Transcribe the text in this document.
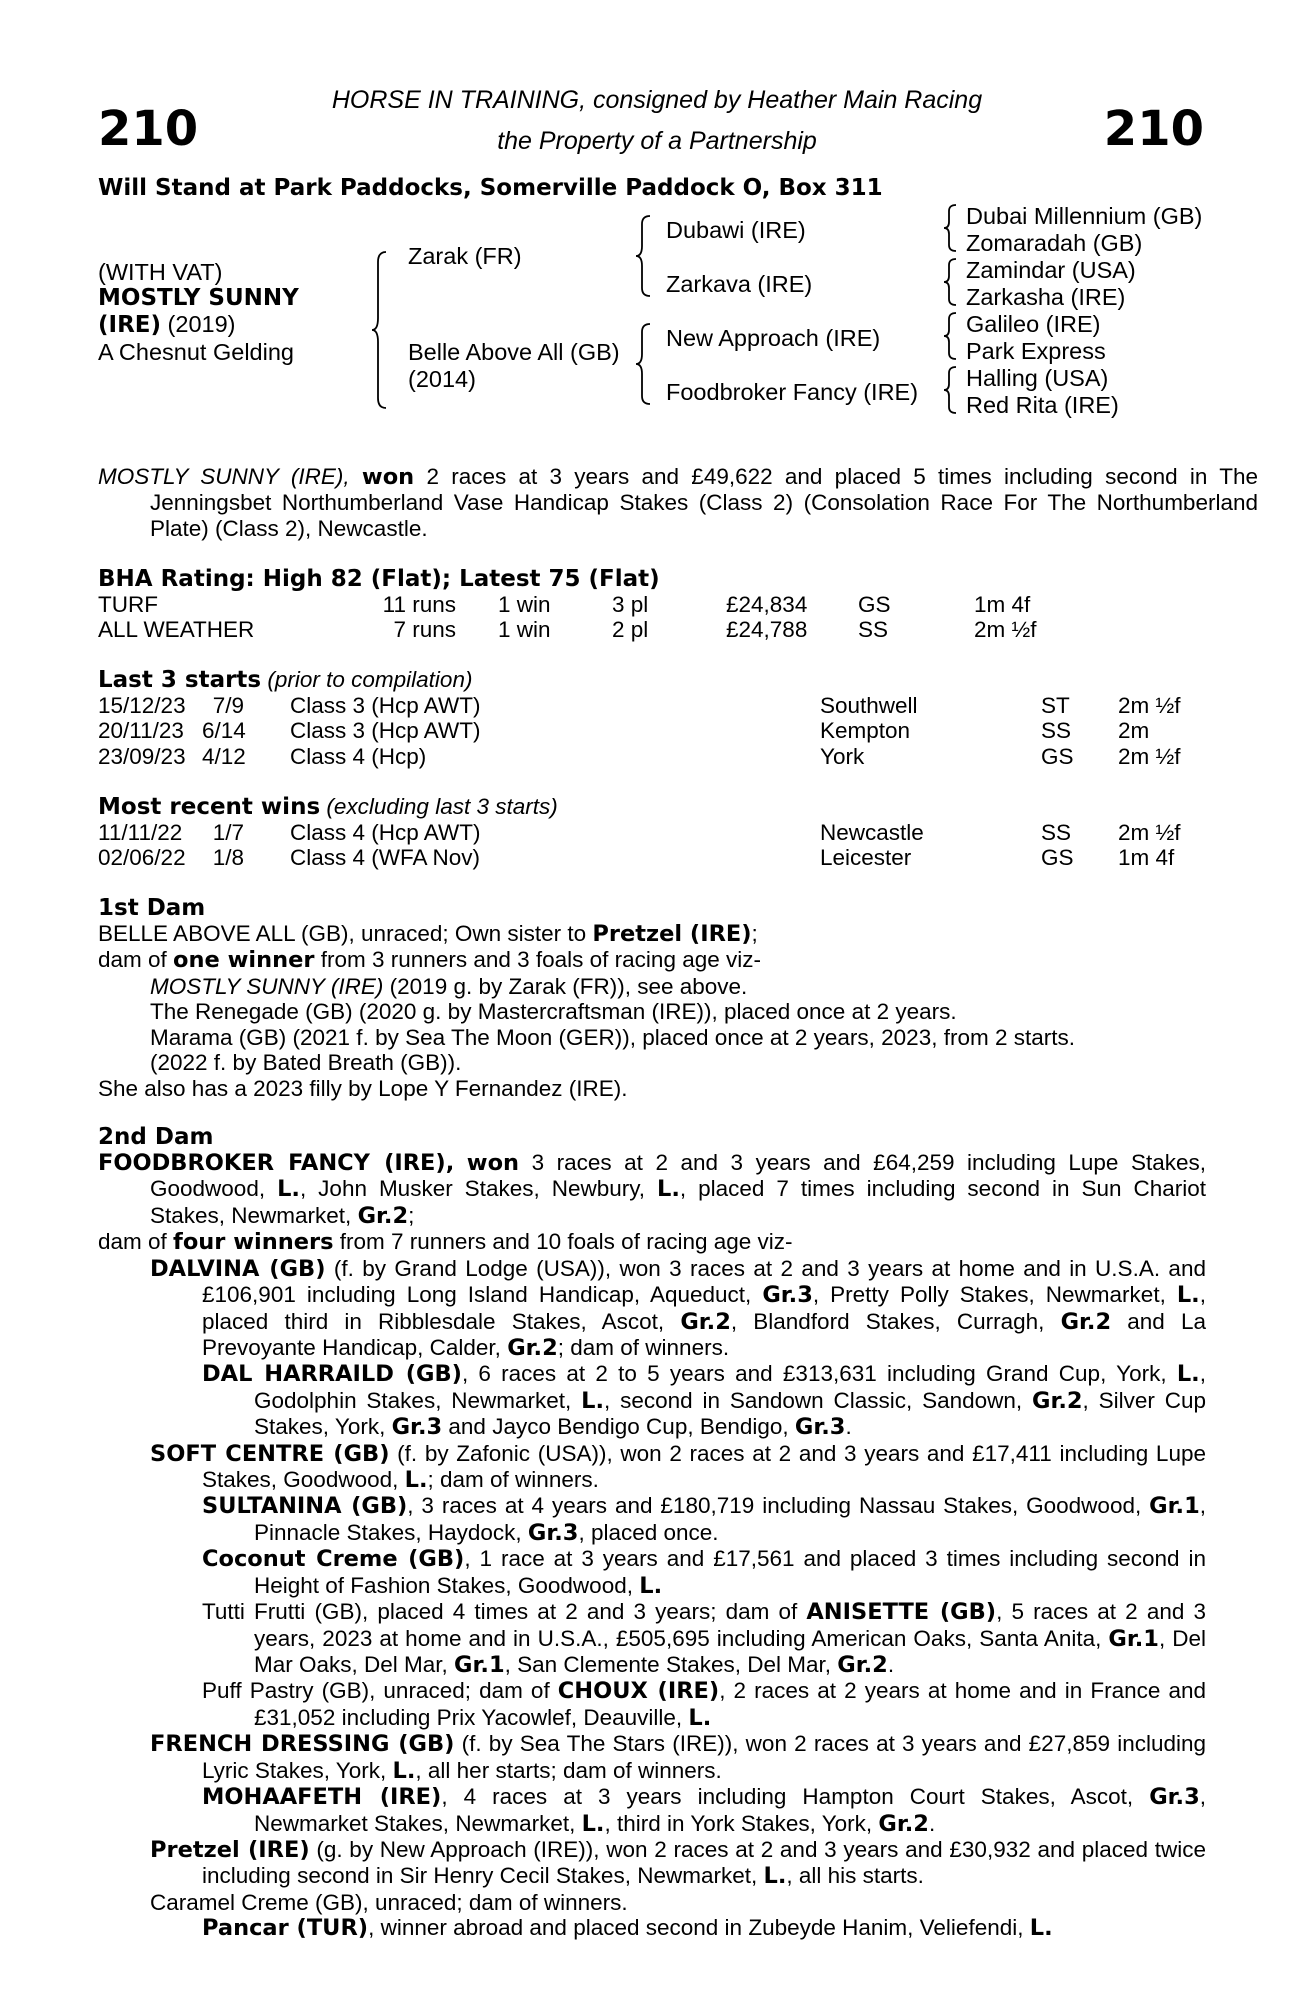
210	210
HORSE IN TRAINING, consigned by Heather Main Racing
the Property of a Partnership
Will Stand at Park Paddocks, Somerville Paddock O, Box 311
(WITH VAT)
MOSTLY SUNNY
(IRE) (2019)
A Chesnut Gelding
Zarak (FR)
Belle Above All (GB)
(2014)
Dubawi (IRE)
Zarkava (IRE)
New Approach (IRE)
Foodbroker Fancy (IRE)
Dubai Millennium (GB)
Zomaradah (GB)
Zamindar (USA)
Zarkasha (IRE)
Galileo (IRE)
Park Express
Halling (USA)
Red Rita (IRE)
MOSTLY SUNNY (IRE), won 2 races at 3 years and £49,622 and placed 5 times including second in The Jenningsbet Northumberland Vase Handicap Stakes (Class 2) (Consolation Race For The Northumberland Plate) (Class 2), Newcastle.
BHA Rating: High 82 (Flat); Latest 75 (Flat)
TURF	11 runs 1 win	3 pl	£24,834 GS	1m 4f
ALL WEATHER	7 runs 1 win	2 pl	£24,788 SS	2m ½f
Last 3 starts (prior to compilation)
15/12/23	7/9 Class 3 (Hcp AWT)	Southwell	ST 2m ½f
20/11/23 6/14 Class 3 (Hcp AWT)	Kempton	SS 2m
23/09/23 4/12 Class 4 (Hcp)	York	GS 2m ½f
Most recent wins (excluding last 3 starts)
11/11/22	1/7 Class 4 (Hcp AWT)	Newcastle	SS 2m ½f
02/06/22	1/8 Class 4 (WFA Nov)	Leicester	GS 1m 4f
1st Dam
BELLE ABOVE ALL (GB), unraced; Own sister to Pretzel (IRE);
dam of one winner from 3 runners and 3 foals of racing age viz-
MOSTLY SUNNY (IRE) (2019 g. by Zarak (FR)), see above.
The Renegade (GB) (2020 g. by Mastercraftsman (IRE)), placed once at 2 years.
Marama (GB) (2021 f. by Sea The Moon (GER)), placed once at 2 years, 2023, from 2 starts.
(2022 f. by Bated Breath (GB)).
She also has a 2023 filly by Lope Y Fernandez (IRE).
2nd Dam
FOODBROKER FANCY (IRE), won 3 races at 2 and 3 years and £64,259 including Lupe Stakes, Goodwood, L., John Musker Stakes, Newbury, L., placed 7 times including second in Sun Chariot Stakes, Newmarket, Gr.2;
dam of four winners from 7 runners and 10 foals of racing age viz-
DALVINA (GB) (f. by Grand Lodge (USA)), won 3 races at 2 and 3 years at home and in U.S.A. and £106,901 including Long Island Handicap, Aqueduct, Gr.3, Pretty Polly Stakes, Newmarket, L., placed third in Ribblesdale Stakes, Ascot, Gr.2, Blandford Stakes, Curragh, Gr.2 and La Prevoyante Handicap, Calder, Gr.2; dam of winners.
DAL HARRAILD (GB), 6 races at 2 to 5 years and £313,631 including Grand Cup, York, L., Godolphin Stakes, Newmarket, L., second in Sandown Classic, Sandown, Gr.2, Silver Cup Stakes, York, Gr.3 and Jayco Bendigo Cup, Bendigo, Gr.3.
SOFT CENTRE (GB) (f. by Zafonic (USA)), won 2 races at 2 and 3 years and £17,411 including Lupe Stakes, Goodwood, L.; dam of winners.
SULTANINA (GB), 3 races at 4 years and £180,719 including Nassau Stakes, Goodwood, Gr.1, Pinnacle Stakes, Haydock, Gr.3, placed once.
Coconut Creme (GB), 1 race at 3 years and £17,561 and placed 3 times including second in Height of Fashion Stakes, Goodwood, L.
Tutti Frutti (GB), placed 4 times at 2 and 3 years; dam of ANISETTE (GB), 5 races at 2 and 3 years, 2023 at home and in U.S.A., £505,695 including American Oaks, Santa Anita, Gr.1, Del Mar Oaks, Del Mar, Gr.1, San Clemente Stakes, Del Mar, Gr.2.
Puff Pastry (GB), unraced; dam of CHOUX (IRE), 2 races at 2 years at home and in France and £31,052 including Prix Yacowlef, Deauville, L.
FRENCH DRESSING (GB) (f. by Sea The Stars (IRE)), won 2 races at 3 years and £27,859 including Lyric Stakes, York, L., all her starts; dam of winners.
MOHAAFETH (IRE), 4 races at 3 years including Hampton Court Stakes, Ascot, Gr.3, Newmarket Stakes, Newmarket, L., third in York Stakes, York, Gr.2.
Pretzel (IRE) (g. by New Approach (IRE)), won 2 races at 2 and 3 years and £30,932 and placed twice including second in Sir Henry Cecil Stakes, Newmarket, L., all his starts.
Caramel Creme (GB), unraced; dam of winners.
Pancar (TUR), winner abroad and placed second in Zubeyde Hanim, Veliefendi, L.
